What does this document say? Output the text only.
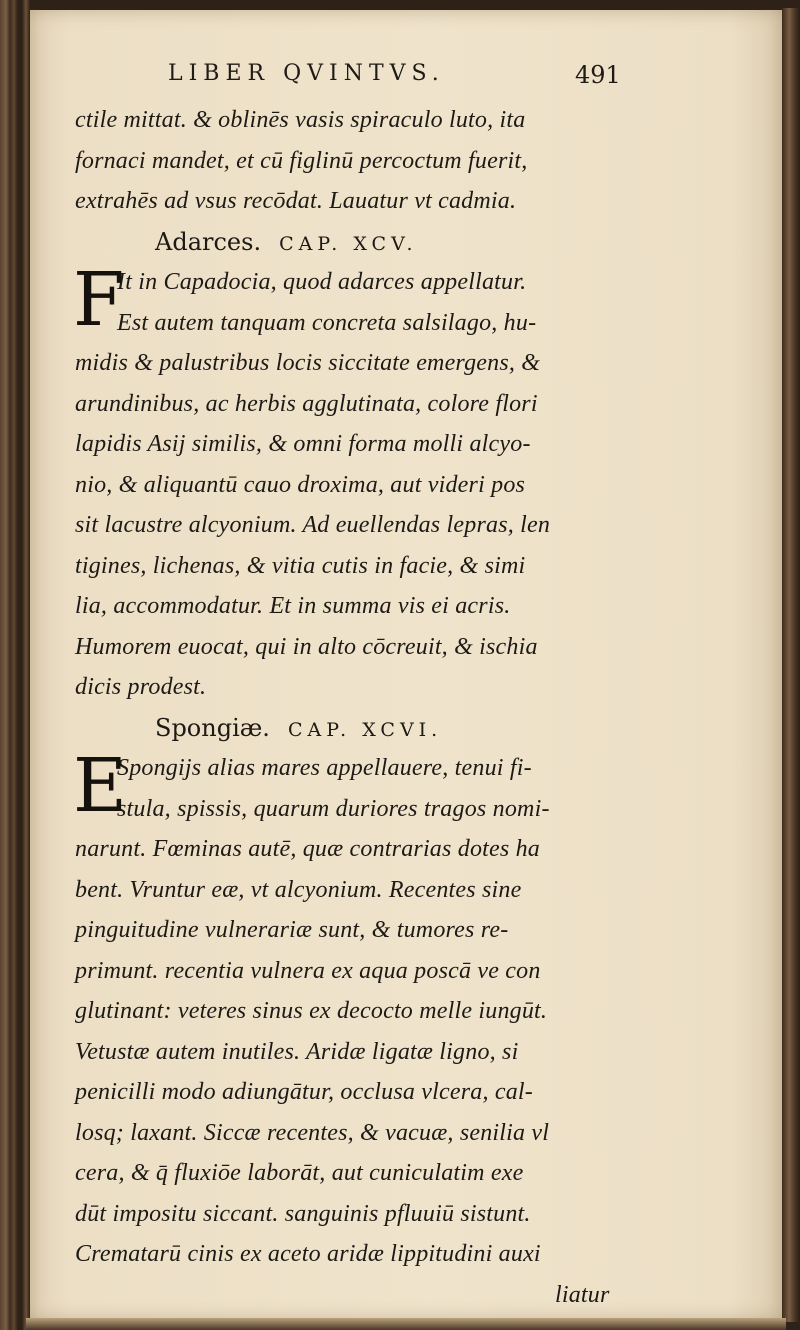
LIBER QVINTVS.	491
ctile mittat. & oblinēs vasis spiraculo luto, ita
fornaci mandet, et cū figlinū percoctum fuerit,
extrahēs ad vsus recōdat. Lauatur vt cadmia.
Adarces. CAP. XCV.
F
It in Capadocia, quod adarces appellatur.
Est autem tanquam concreta salsilago, hu-
midis & palustribus locis siccitate emergens, &
arundinibus, ac herbis agglutinata, colore flori
lapidis Asij similis, & omni forma molli alcyo-
nio, & aliquantū cauo droxima, aut videri pos
sit lacustre alcyonium. Ad euellendas lepras, len
tigines, lichenas, & vitia cutis in facie, & simi
lia, accommodatur. Et in summa vis ei acris.
Humorem euocat, qui in alto cōcreuit, & ischia
dicis prodest.
Spongiæ. CAP. XCVI.
E
Spongijs alias mares appellauere, tenui fi-
stula, spissis, quarum duriores tragos nomi-
narunt. Fœminas autē, quæ contrarias dotes ha
bent. Vruntur eæ, vt alcyonium. Recentes sine
pinguitudine vulnerariæ sunt, & tumores re-
primunt. recentia vulnera ex aqua poscā ve con
glutinant: veteres sinus ex decocto melle iungūt.
Vetustæ autem inutiles. Aridæ ligatæ ligno, si
penicilli modo adiungātur, occlusa vlcera, cal-
losq; laxant. Siccæ recentes, & vacuæ, senilia vl
cera, & q̄ fluxiōe laborāt, aut cuniculatim exe
dūt impositu siccant. sanguinis pfluuiū sistunt.
Crematarū cinis ex aceto aridæ lippitudini auxi
liatur
